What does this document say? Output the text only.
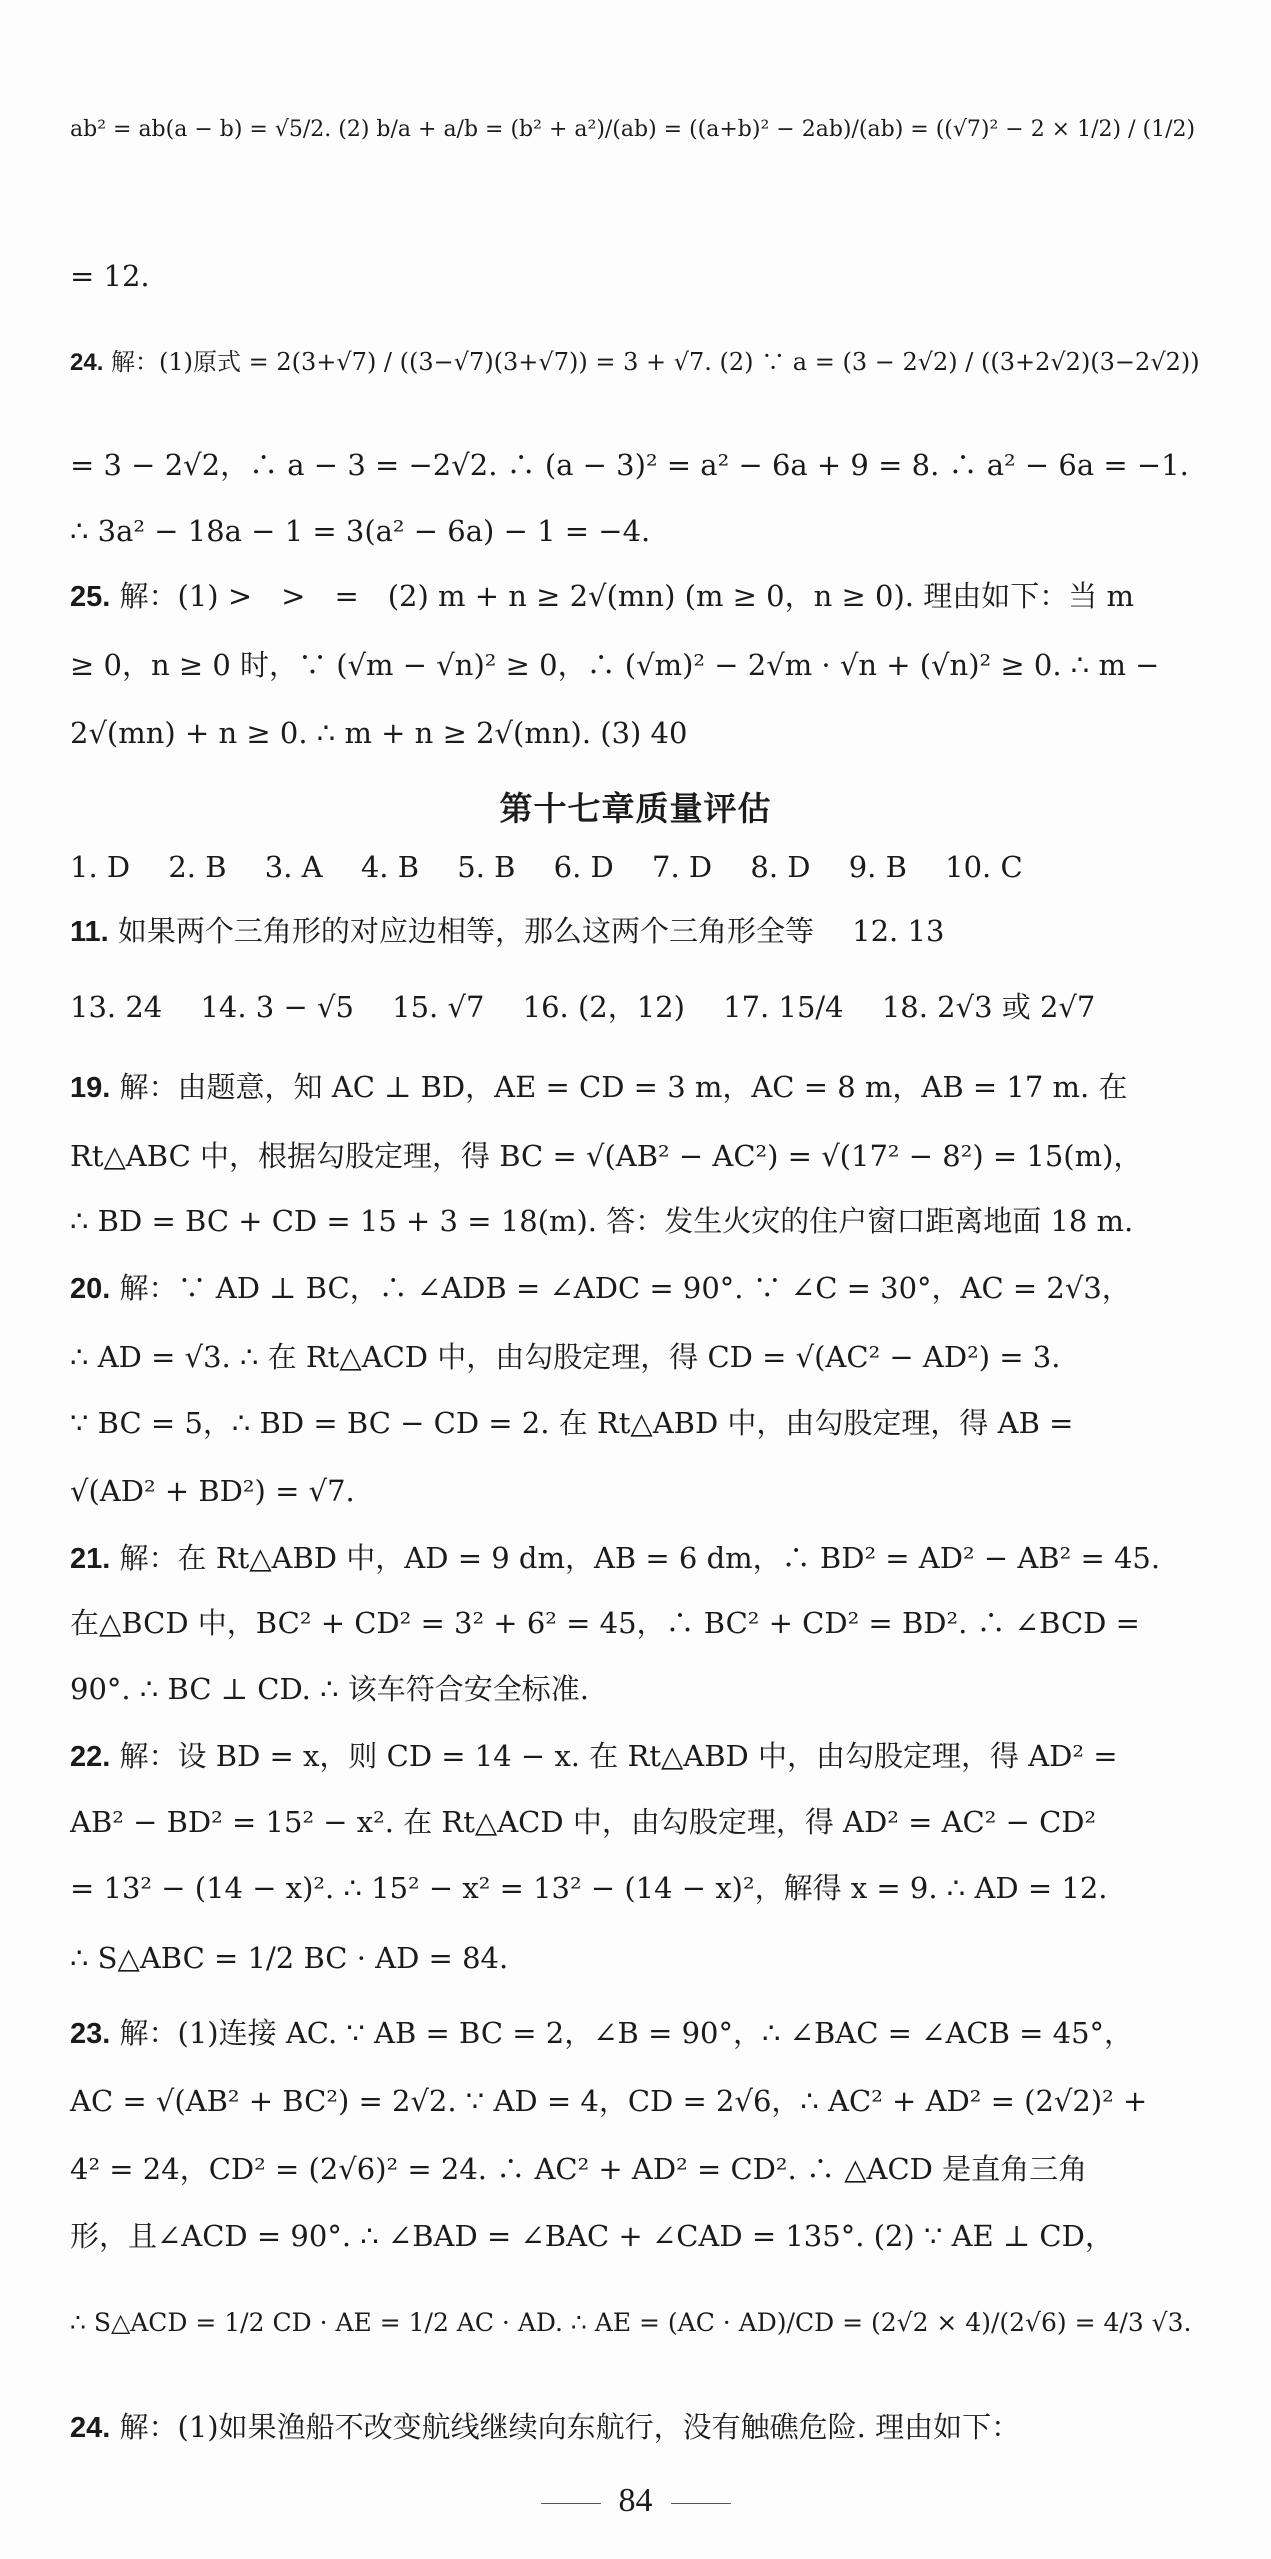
ab² = ab(a − b) = √5/2. (2) b/a + a/b = (b² + a²)/(ab) = ((a+b)² − 2ab)/(ab) = ((√7)² − 2 × 1/2) / (1/2)
= 12.
24. 解：(1)原式 = 2(3+√7) / ((3−√7)(3+√7)) = 3 + √7. (2) ∵ a = (3 − 2√2) / ((3+2√2)(3−2√2))
= 3 − 2√2，∴ a − 3 = −2√2. ∴ (a − 3)² = a² − 6a + 9 = 8. ∴ a² − 6a = −1.
∴ 3a² − 18a − 1 = 3(a² − 6a) − 1 = −4.
25. 解：(1) >　>　=　(2) m + n ≥ 2√(mn) (m ≥ 0，n ≥ 0). 理由如下：当 m
≥ 0，n ≥ 0 时，∵ (√m − √n)² ≥ 0，∴ (√m)² − 2√m · √n + (√n)² ≥ 0. ∴ m −
2√(mn) + n ≥ 0. ∴ m + n ≥ 2√(mn). (3) 40
第十七章质量评估
1. D　 2. B　 3. A　 4. B　 5. B　 6. D　 7. D　 8. D　 9. B　 10. C
11. 如果两个三角形的对应边相等，那么这两个三角形全等　 12. 13
13. 24　 14. 3 − √5　 15. √7　 16. (2，12)　 17. 15/4　 18. 2√3 或 2√7
19. 解：由题意，知 AC ⊥ BD，AE = CD = 3 m，AC = 8 m，AB = 17 m. 在
Rt△ABC 中，根据勾股定理，得 BC = √(AB² − AC²) = √(17² − 8²) = 15(m)，
∴ BD = BC + CD = 15 + 3 = 18(m). 答：发生火灾的住户窗口距离地面 18 m.
20. 解：∵ AD ⊥ BC，∴ ∠ADB = ∠ADC = 90°. ∵ ∠C = 30°，AC = 2√3，
∴ AD = √3. ∴ 在 Rt△ACD 中，由勾股定理，得 CD = √(AC² − AD²) = 3.
∵ BC = 5，∴ BD = BC − CD = 2. 在 Rt△ABD 中，由勾股定理，得 AB =
√(AD² + BD²) = √7.
21. 解：在 Rt△ABD 中，AD = 9 dm，AB = 6 dm，∴ BD² = AD² − AB² = 45.
在△BCD 中，BC² + CD² = 3² + 6² = 45，∴ BC² + CD² = BD². ∴ ∠BCD =
90°. ∴ BC ⊥ CD. ∴ 该车符合安全标准.
22. 解：设 BD = x，则 CD = 14 − x. 在 Rt△ABD 中，由勾股定理，得 AD² =
AB² − BD² = 15² − x². 在 Rt△ACD 中，由勾股定理，得 AD² = AC² − CD²
= 13² − (14 − x)². ∴ 15² − x² = 13² − (14 − x)²，解得 x = 9. ∴ AD = 12.
∴ S△ABC = 1/2 BC · AD = 84.
23. 解：(1)连接 AC. ∵ AB = BC = 2，∠B = 90°，∴ ∠BAC = ∠ACB = 45°，
AC = √(AB² + BC²) = 2√2. ∵ AD = 4，CD = 2√6，∴ AC² + AD² = (2√2)² +
4² = 24，CD² = (2√6)² = 24. ∴ AC² + AD² = CD². ∴ △ACD 是直角三角
形，且∠ACD = 90°. ∴ ∠BAD = ∠BAC + ∠CAD = 135°. (2) ∵ AE ⊥ CD，
∴ S△ACD = 1/2 CD · AE = 1/2 AC · AD. ∴ AE = (AC · AD)/CD = (2√2 × 4)/(2√6) = 4/3 √3.
24. 解：(1)如果渔船不改变航线继续向东航行，没有触礁危险. 理由如下：
84
